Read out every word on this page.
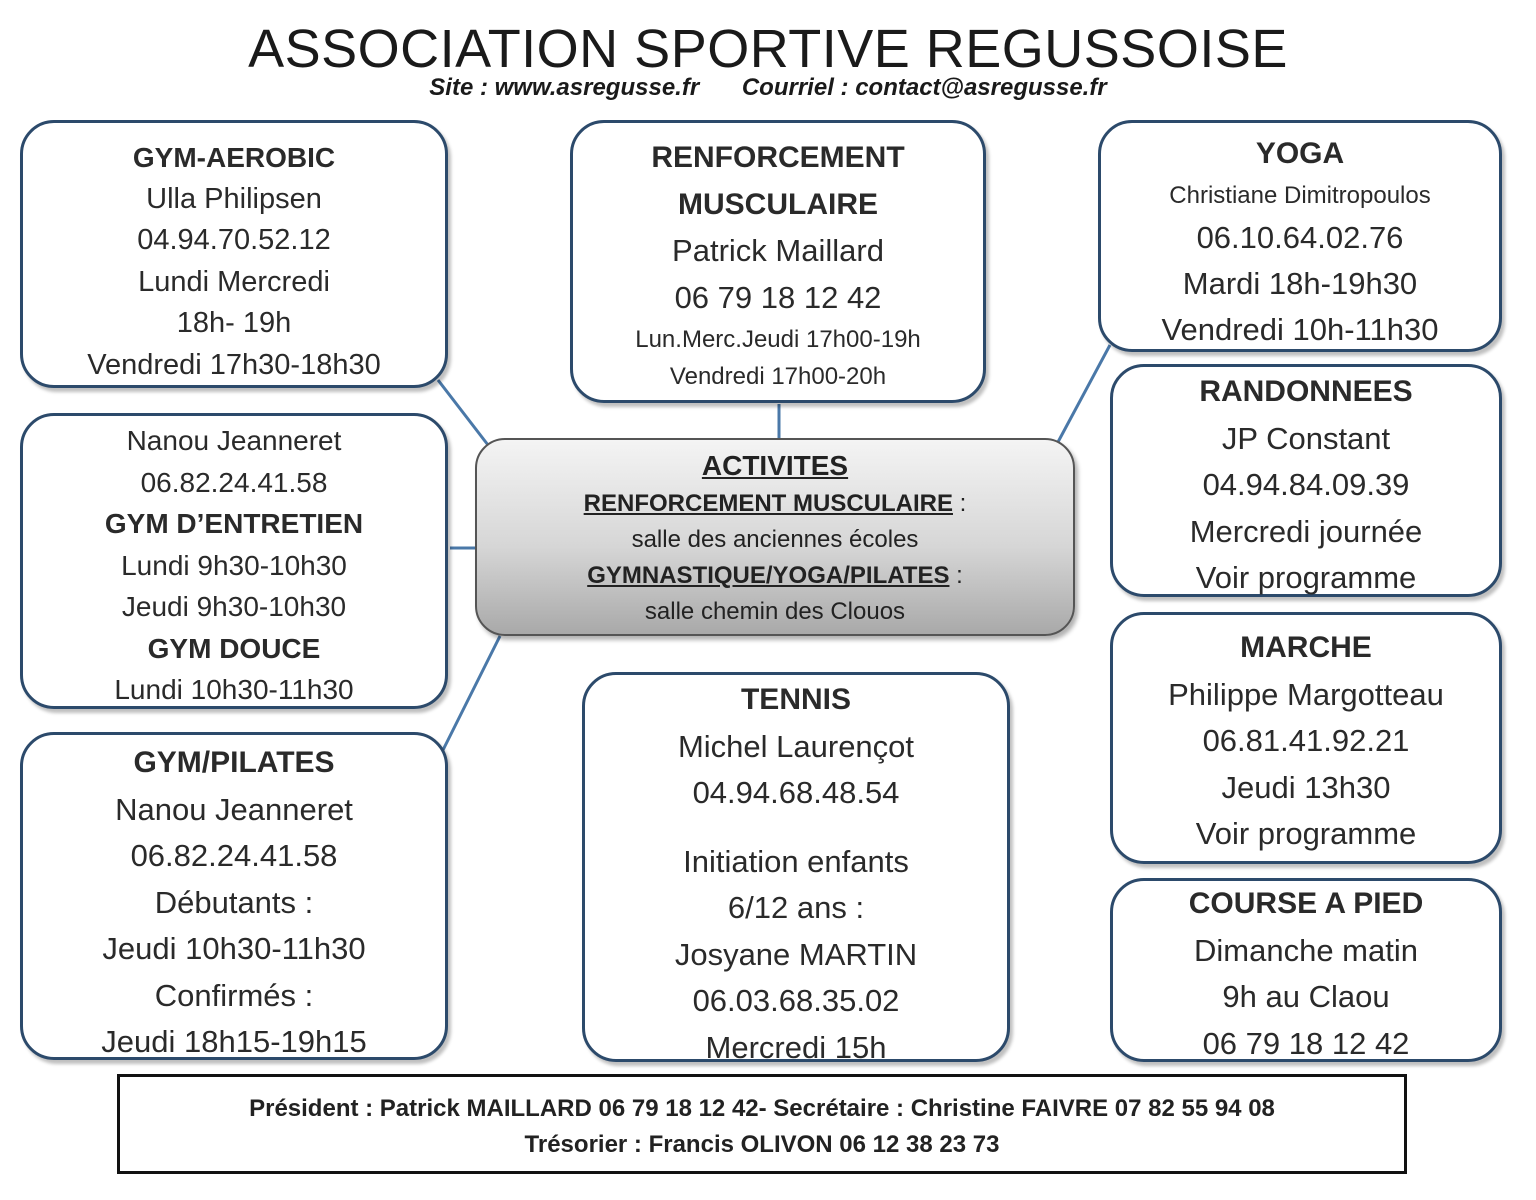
ASSOCIATION SPORTIVE REGUSSOISE
Site : www.asregusse.fr Courriel : contact@asregusse.fr
GYM-AEROBIC
Ulla Philipsen
04.94.70.52.12
Lundi Mercredi
18h- 19h
Vendredi 17h30-18h30
RENFORCEMENT
MUSCULAIRE
Patrick Maillard
06 79 18 12 42
Lun.Merc.Jeudi 17h00-19h
Vendredi 17h00-20h
YOGA
Christiane Dimitropoulos
06.10.64.02.76
Mardi 18h-19h30
Vendredi 10h-11h30
Nanou Jeanneret
06.82.24.41.58
GYM D’ENTRETIEN
Lundi 9h30-10h30
Jeudi 9h30-10h30
GYM DOUCE
Lundi 10h30-11h30
ACTIVITES
RENFORCEMENT MUSCULAIRE :
salle des anciennes écoles
GYMNASTIQUE/YOGA/PILATES :
salle chemin des Clouos
RANDONNEES
JP Constant
04.94.84.09.39
Mercredi journée
Voir programme
MARCHE
Philippe Margotteau
06.81.41.92.21
Jeudi 13h30
Voir programme
GYM/PILATES
Nanou Jeanneret
06.82.24.41.58
Débutants :
Jeudi 10h30-11h30
Confirmés :
Jeudi 18h15-19h15
TENNIS
Michel Laurençot
04.94.68.48.54
Initiation enfants
6/12 ans :
Josyane MARTIN
06.03.68.35.02
Mercredi 15h
COURSE A PIED
Dimanche matin
9h au Claou
06 79 18 12 42
Président : Patrick MAILLARD 06 79 18 12 42- Secrétaire : Christine FAIVRE 07 82 55 94 08
Trésorier : Francis OLIVON 06 12 38 23 73
